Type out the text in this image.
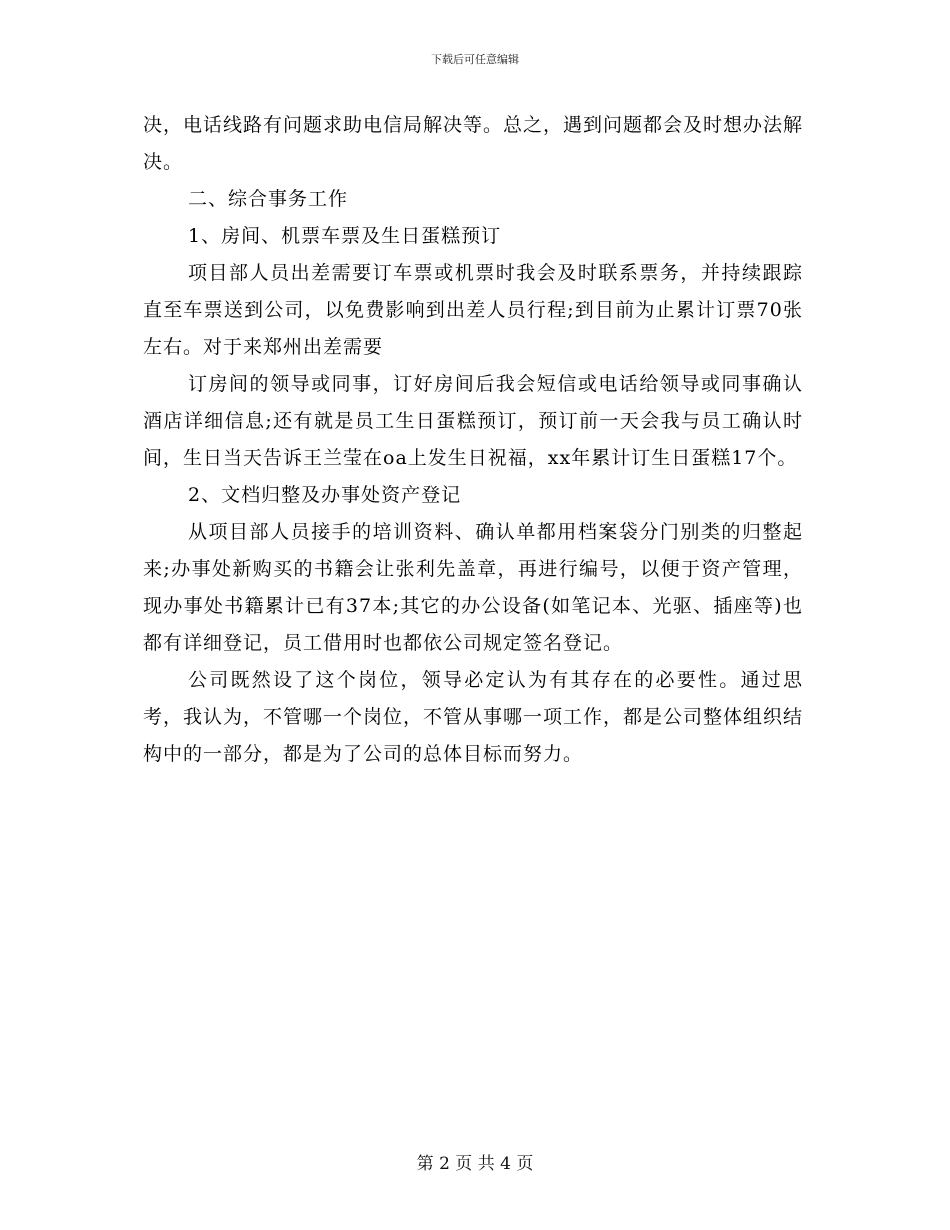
下载后可任意编辑

决，电话线路有问题求助电信局解决等。总之，遇到问题都会及时想办法解决。

二、综合事务工作

1、房间、机票车票及生日蛋糕预订

项目部人员出差需要订车票或机票时我会及时联系票务，并持续跟踪直至车票送到公司，以免费影响到出差人员行程;到目前为止累计订票70张左右。对于来郑州出差需要

订房间的领导或同事，订好房间后我会短信或电话给领导或同事确认酒店详细信息;还有就是员工生日蛋糕预订，预订前一天会我与员工确认时间，生日当天告诉王兰莹在oa上发生日祝福，xx年累计订生日蛋糕17个。

2、文档归整及办事处资产登记

从项目部人员接手的培训资料、确认单都用档案袋分门别类的归整起来;办事处新购买的书籍会让张利先盖章，再进行编号，以便于资产管理，现办事处书籍累计已有37本;其它的办公设备(如笔记本、光驱、插座等)也都有详细登记，员工借用时也都依公司规定签名登记。

公司既然设了这个岗位，领导必定认为有其存在的必要性。通过思考，我认为，不管哪一个岗位，不管从事哪一项工作，都是公司整体组织结构中的一部分，都是为了公司的总体目标而努力。

第 2 页 共 4 页
